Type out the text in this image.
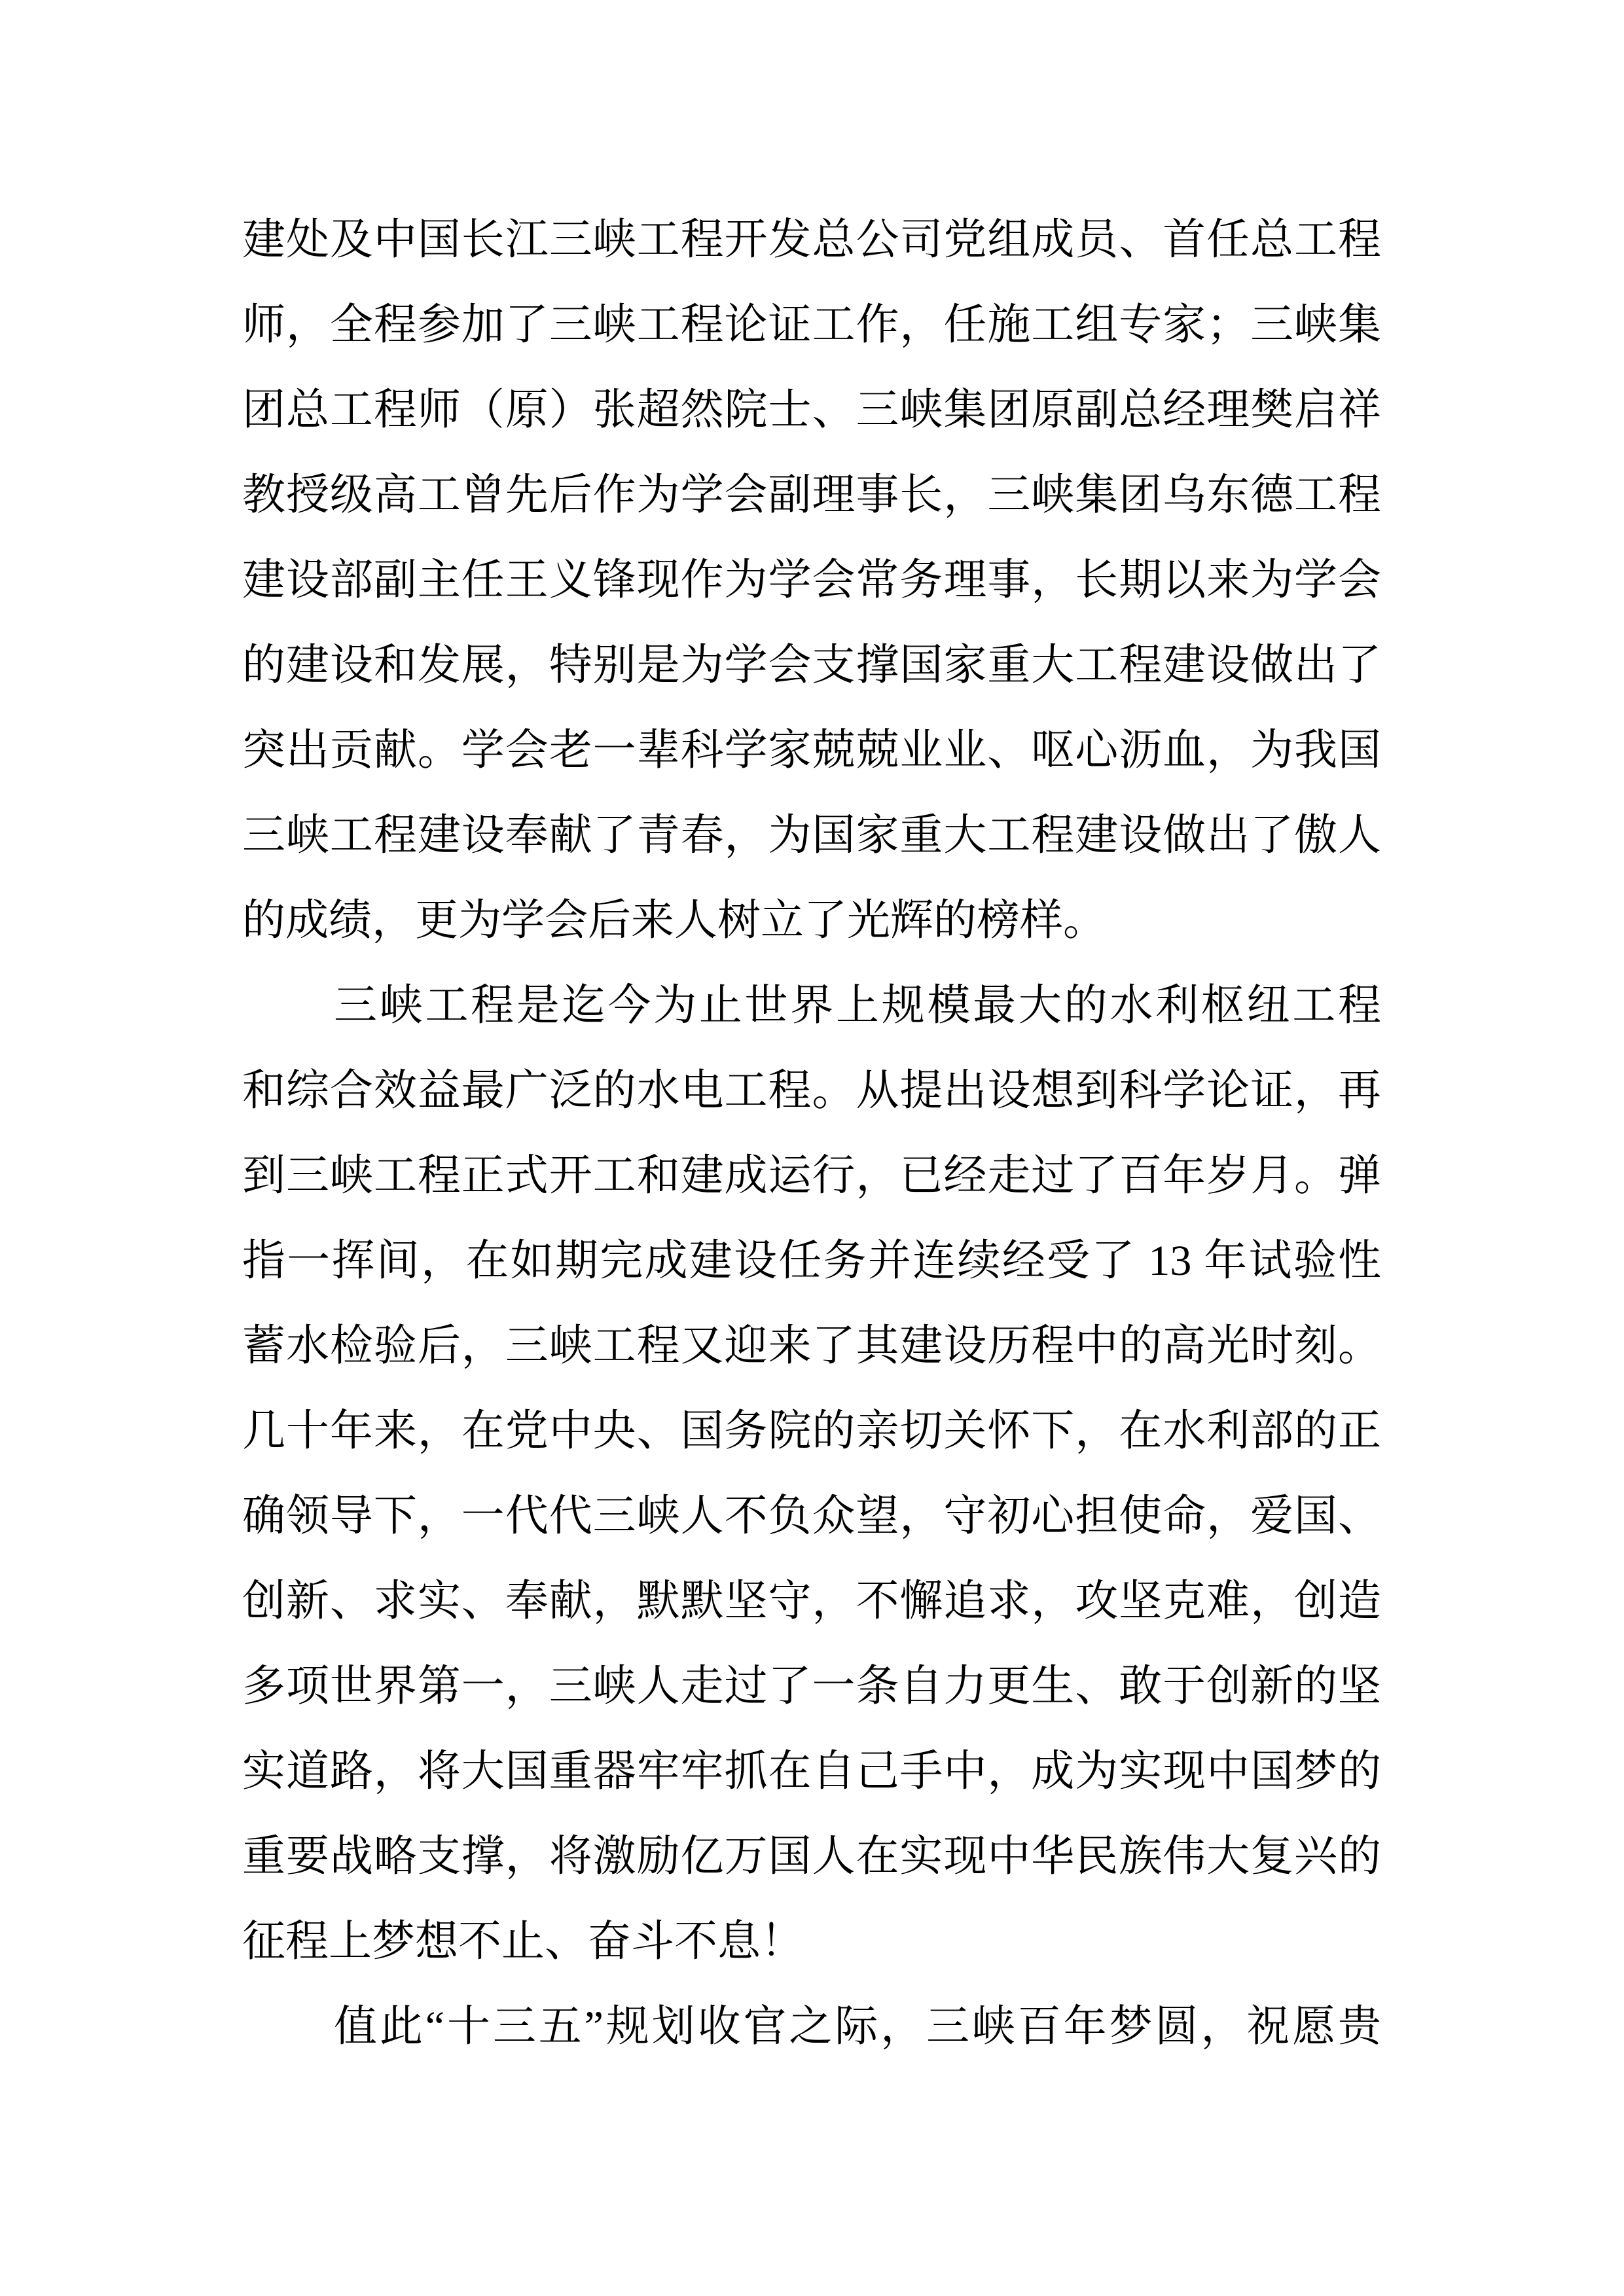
建处及中国长江三峡工程开发总公司党组成员、首任总工程
师，全程参加了三峡工程论证工作，任施工组专家；三峡集
团总工程师（原）张超然院士、三峡集团原副总经理樊启祥
教授级高工曾先后作为学会副理事长，三峡集团乌东德工程
建设部副主任王义锋现作为学会常务理事，长期以来为学会
的建设和发展，特别是为学会支撑国家重大工程建设做出了
突出贡献。学会老一辈科学家兢兢业业、呕心沥血，为我国
三峡工程建设奉献了青春，为国家重大工程建设做出了傲人
的成绩，更为学会后来人树立了光辉的榜样。
三峡工程是迄今为止世界上规模最大的水利枢纽工程
和综合效益最广泛的水电工程。从提出设想到科学论证，再
到三峡工程正式开工和建成运行，已经走过了百年岁月。弹
指一挥间，在如期完成建设任务并连续经受了 13 年试验性
蓄水检验后，三峡工程又迎来了其建设历程中的高光时刻。
几十年来，在党中央、国务院的亲切关怀下，在水利部的正
确领导下，一代代三峡人不负众望，守初心担使命，爱国、
创新、求实、奉献，默默坚守，不懈追求，攻坚克难，创造
多项世界第一，三峡人走过了一条自力更生、敢于创新的坚
实道路，将大国重器牢牢抓在自己手中，成为实现中国梦的
重要战略支撑，将激励亿万国人在实现中华民族伟大复兴的
征程上梦想不止、奋斗不息！
值此“十三五”规划收官之际，三峡百年梦圆，祝愿贵
